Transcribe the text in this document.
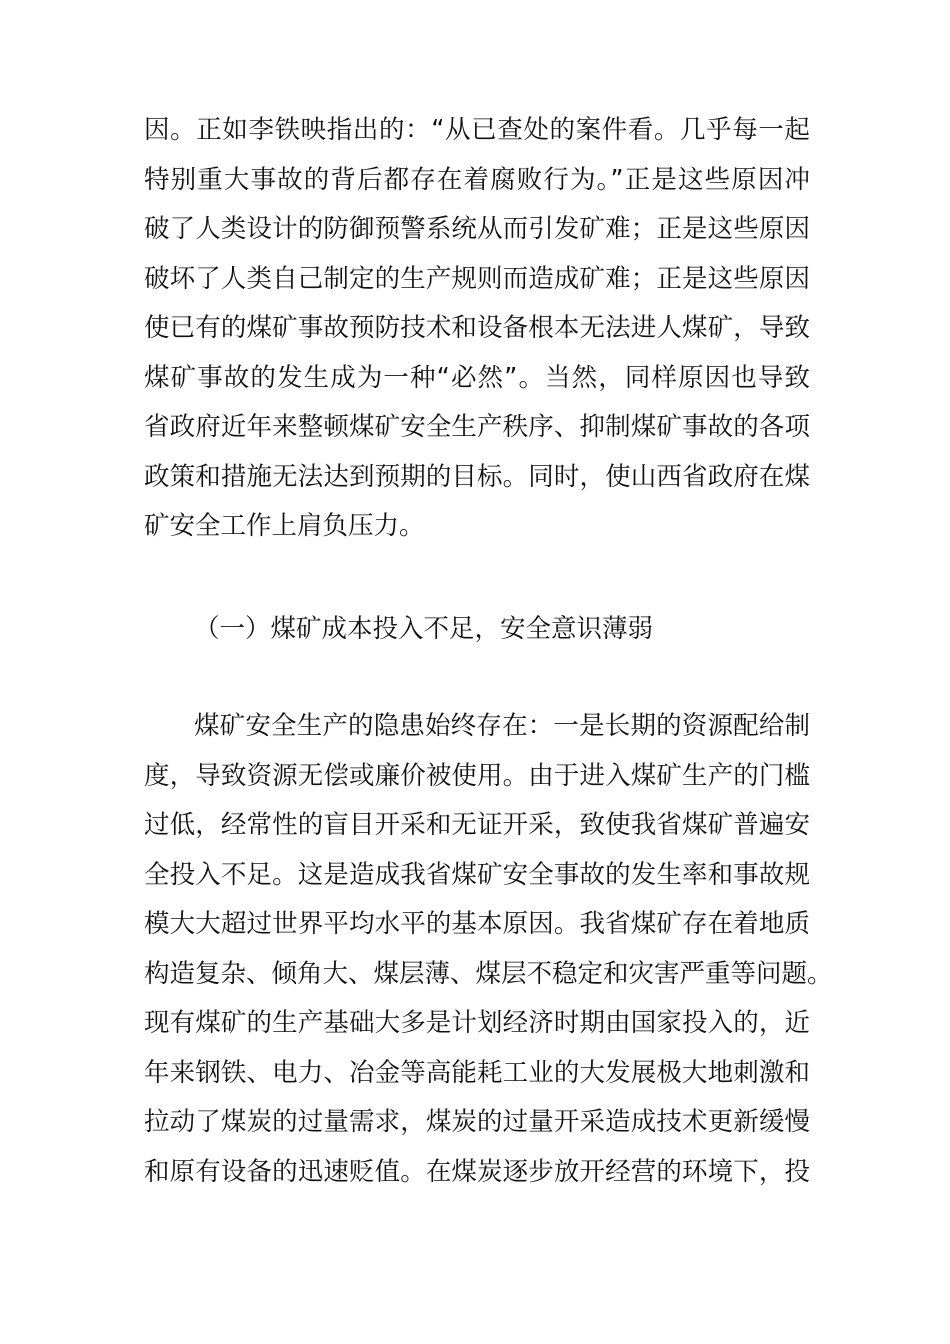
因。正如李铁映指出的：“从已查处的案件看。几乎每一起
特别重大事故的背后都存在着腐败行为。”正是这些原因冲
破了人类设计的防御预警系统从而引发矿难；正是这些原因
破坏了人类自己制定的生产规则而造成矿难；正是这些原因
使已有的煤矿事故预防技术和设备根本无法进人煤矿，导致
煤矿事故的发生成为一种“必然”。当然，同样原因也导致
省政府近年来整顿煤矿安全生产秩序、抑制煤矿事故的各项
政策和措施无法达到预期的目标。同时，使山西省政府在煤
矿安全工作上肩负压力。
（一）煤矿成本投入不足，安全意识薄弱
煤矿安全生产的隐患始终存在：一是长期的资源配给制
度，导致资源无偿或廉价被使用。由于进入煤矿生产的门槛
过低，经常性的盲目开采和无证开采，致使我省煤矿普遍安
全投入不足。这是造成我省煤矿安全事故的发生率和事故规
模大大超过世界平均水平的基本原因。我省煤矿存在着地质
构造复杂、倾角大、煤层薄、煤层不稳定和灾害严重等问题。
现有煤矿的生产基础大多是计划经济时期由国家投入的，近
年来钢铁、电力、冶金等高能耗工业的大发展极大地刺激和
拉动了煤炭的过量需求，煤炭的过量开采造成技术更新缓慢
和原有设备的迅速贬值。在煤炭逐步放开经营的环境下，投
